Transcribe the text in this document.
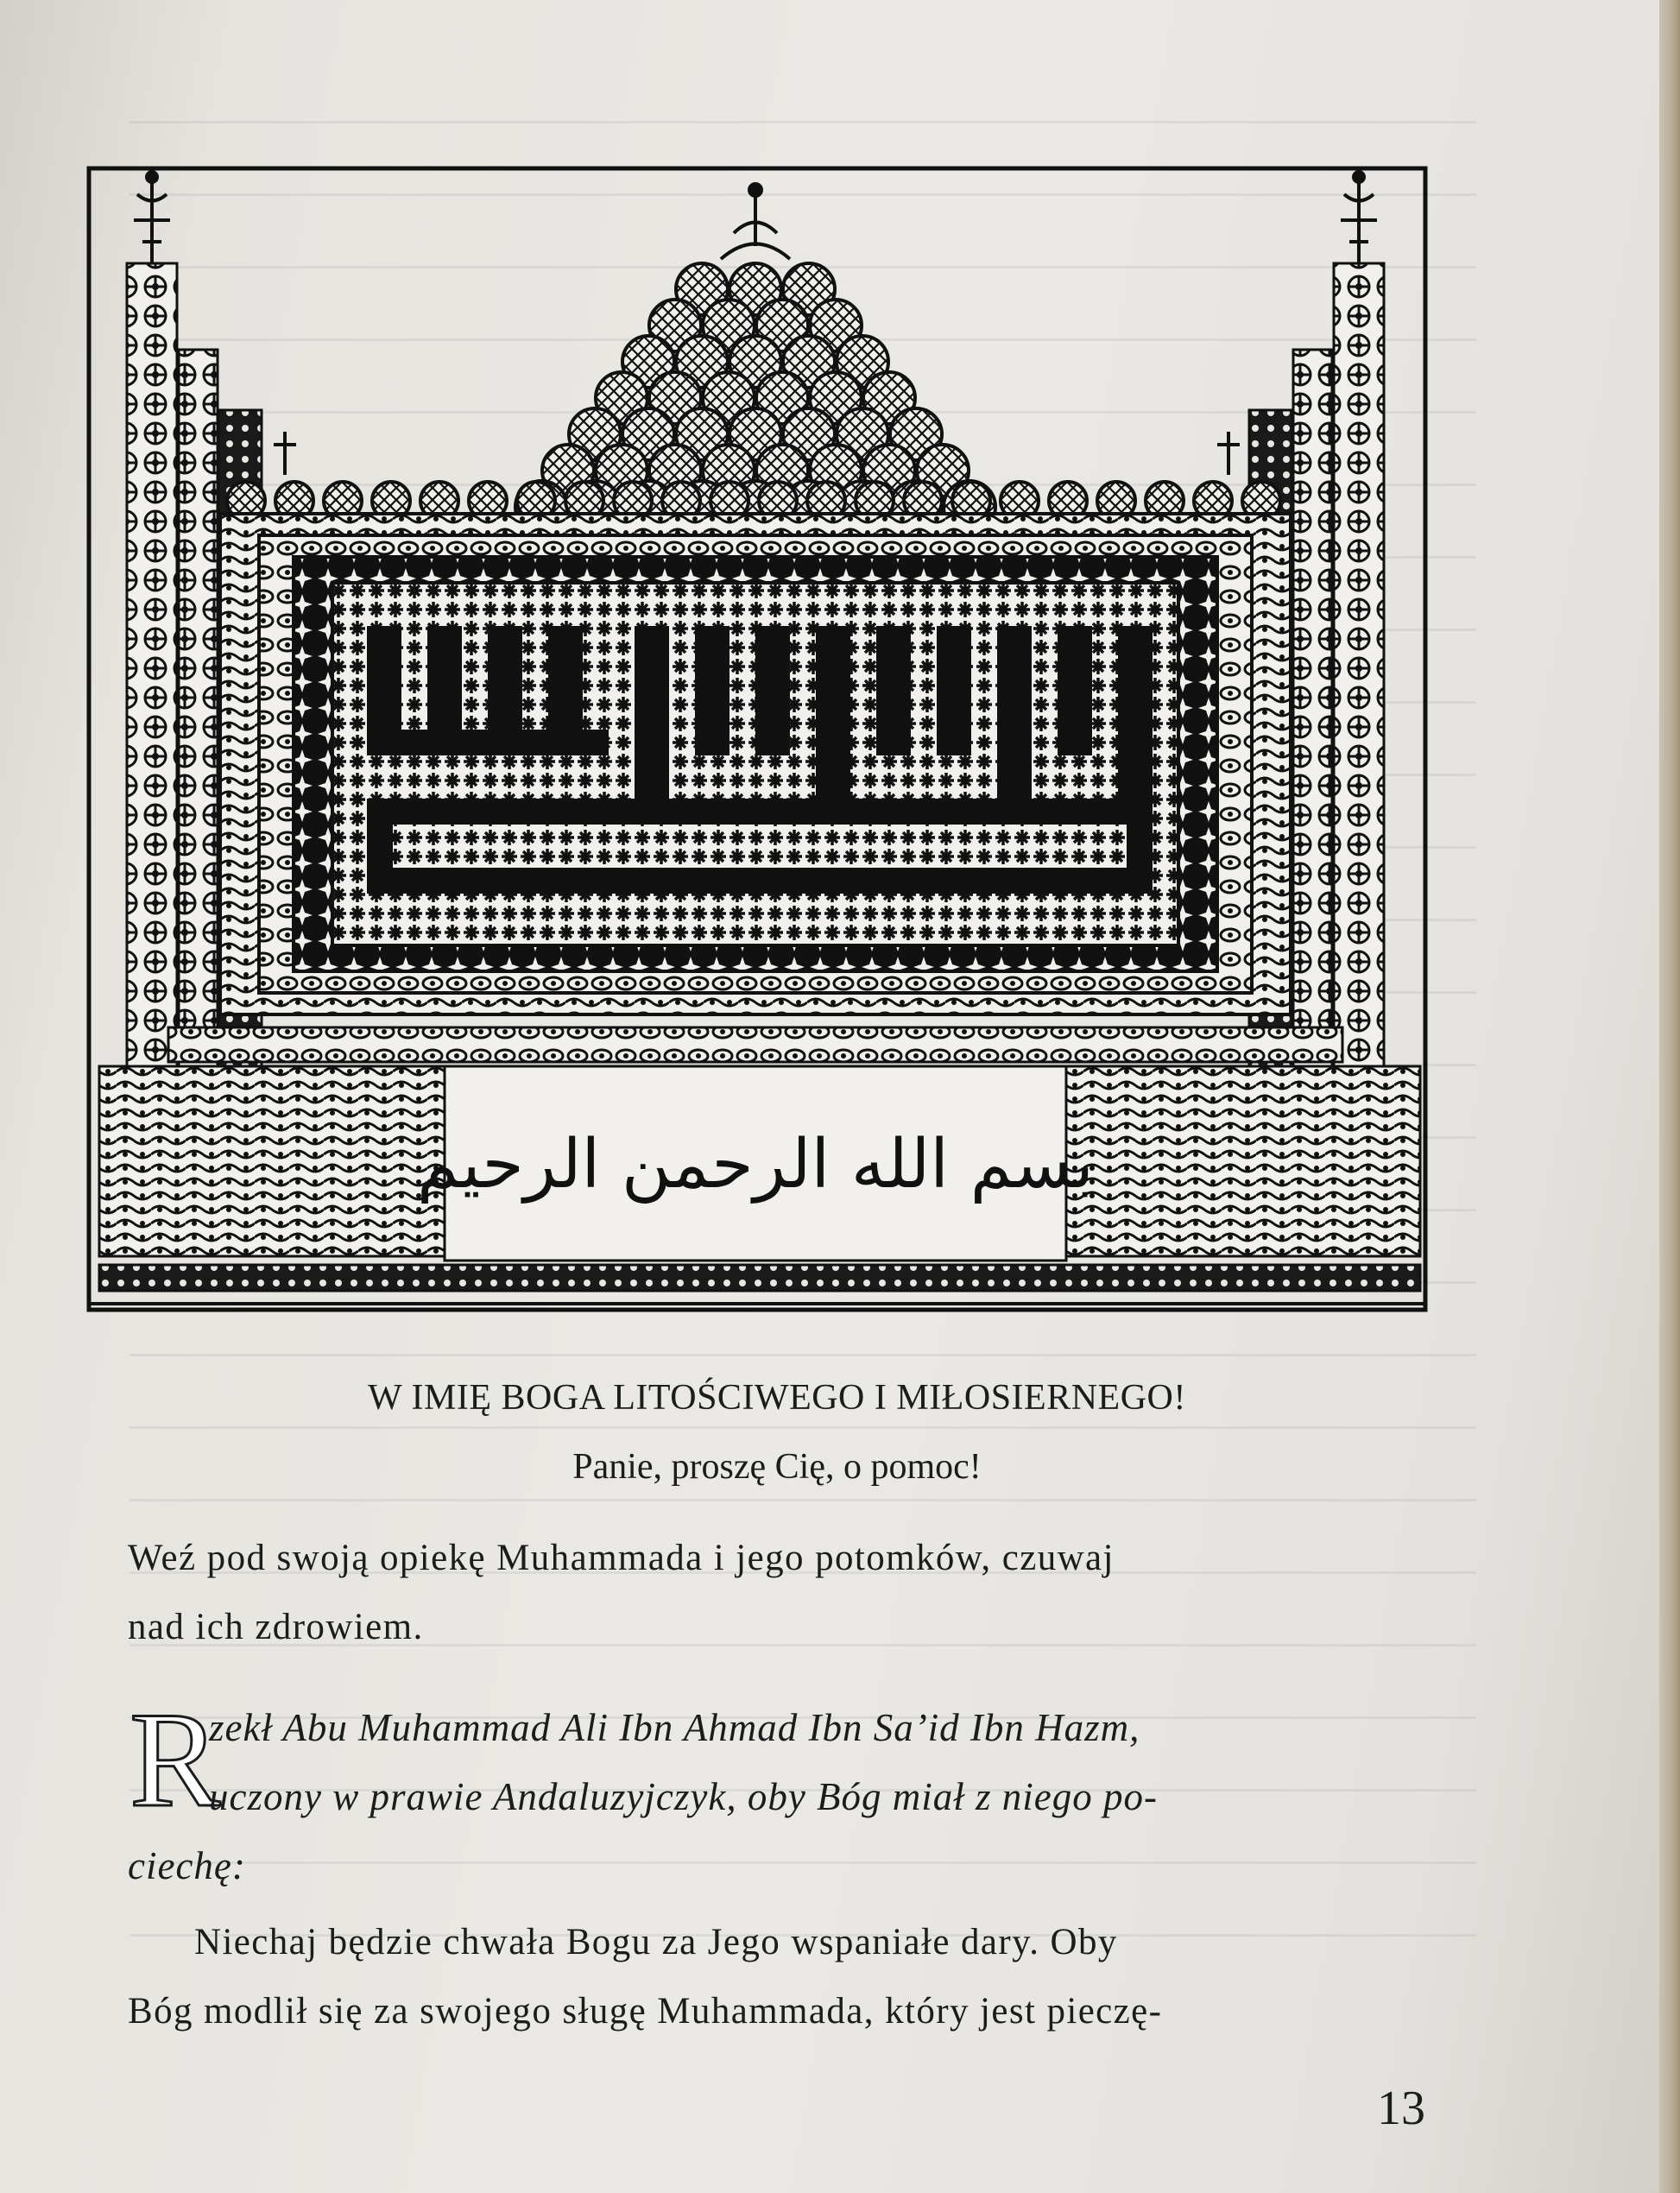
بسم الله الرحمن الرحيم
W IMIĘ BOGA LITOŚCIWEGO I MIŁOSIERNEGO!
Panie, proszę Cię, o pomoc!
Weź pod swoją opiekę Muhammada i jego potomków, czuwaj
nad ich zdrowiem.
R
zekł Abu Muhammad Ali Ibn Ahmad Ibn Sa’id Ibn Hazm,
uczony w prawie Andaluzyjczyk, oby Bóg miał z niego po-
ciechę:
Niechaj będzie chwała Bogu za Jego wspaniałe dary. Oby
Bóg modlił się za swojego sługę Muhammada, który jest pieczę-
13
